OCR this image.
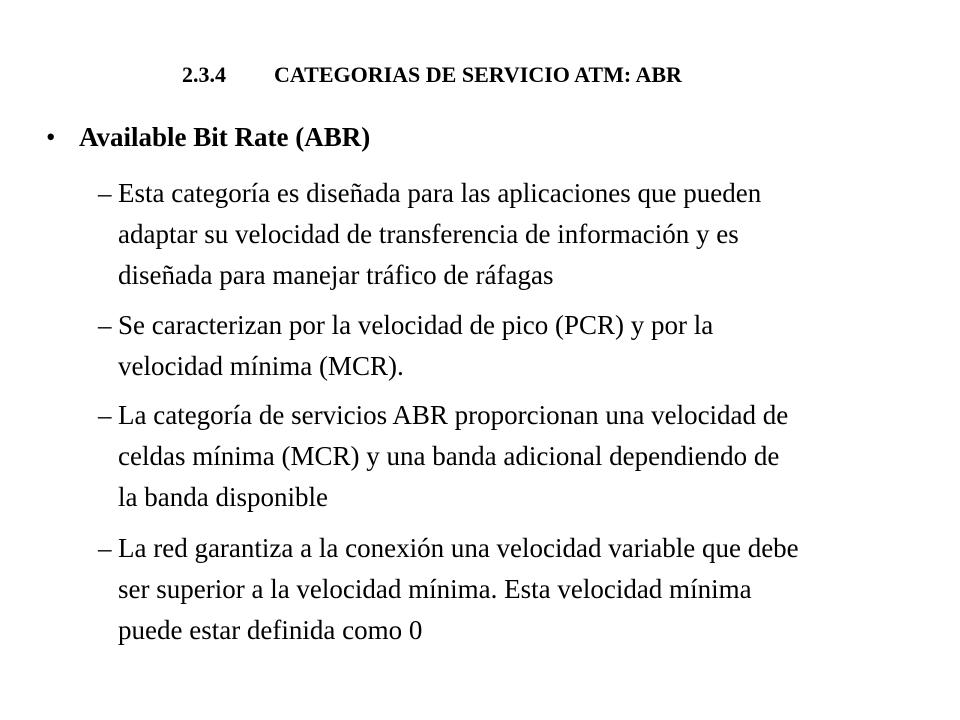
2.3.4 CATEGORIAS DE SERVICIO ATM: ABR
• Available Bit Rate (ABR)
– Esta categoría es diseñada para las aplicaciones que pueden
adaptar su velocidad de transferencia de información y es
diseñada para manejar tráfico de ráfagas
– Se caracterizan por la velocidad de pico (PCR) y por la
velocidad mínima (MCR).
– La categoría de servicios ABR proporcionan una velocidad de
celdas mínima (MCR) y una banda adicional dependiendo de
la banda disponible
– La red garantiza a la conexión una velocidad variable que debe
ser superior a la velocidad mínima. Esta velocidad mínima
puede estar definida como 0
